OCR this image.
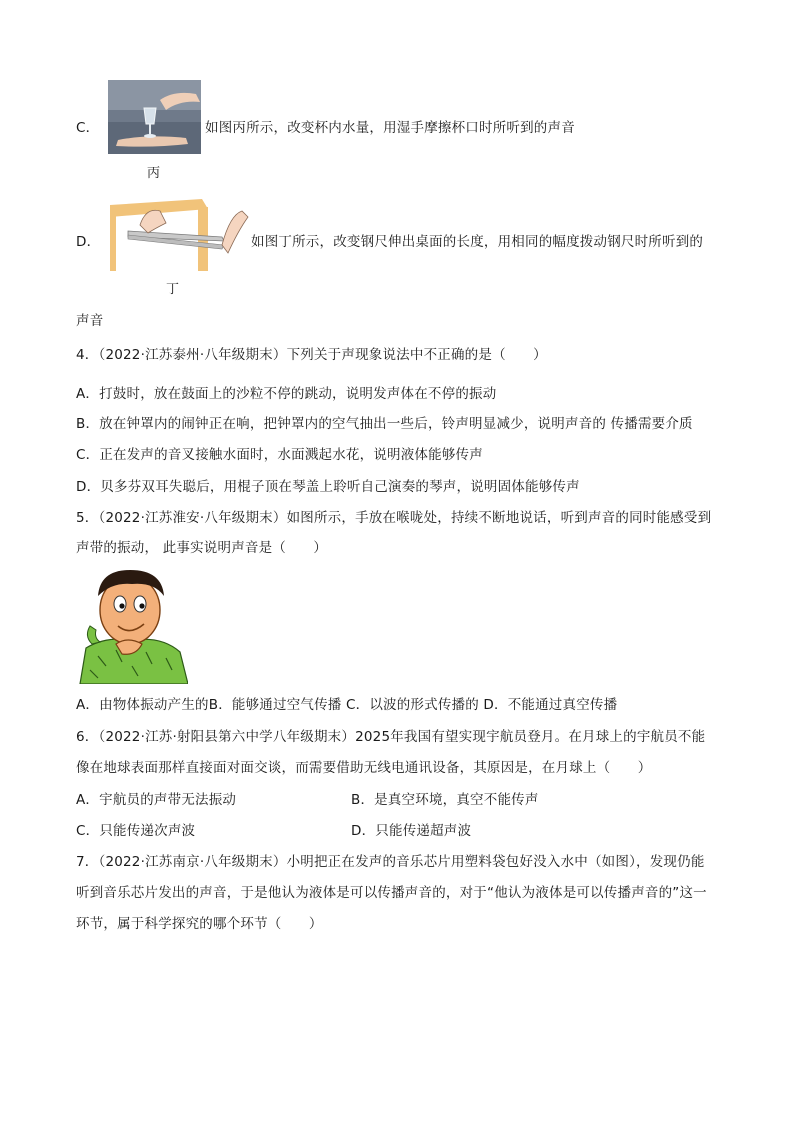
C．	如图丙所示，改变杯内水量，用湿手摩擦杯口时所听到的声音
丙
D．	如图丁所示，改变钢尺伸出桌面的长度，用相同的幅度拨动钢尺时所听到的
丁
声音
4．（2022·江苏泰州·八年级期末）下列关于声现象说法中不正确的是（　　）
A．打鼓时，放在鼓面上的沙粒不停的跳动，说明发声体在不停的振动
B．放在钟罩内的闹钟正在响，把钟罩内的空气抽出一些后，铃声明显减少，说明声音的 传播需要介质
C．正在发声的音叉接触水面时，水面溅起水花，说明液体能够传声
D．贝多芬双耳失聪后，用棍子顶在琴盖上聆听自己演奏的琴声，说明固体能够传声
5．（2022·江苏淮安·八年级期末）如图所示，手放在喉咙处，持续不断地说话，听到声音的同时能感受到
声带的振动， 此事实说明声音是（　　）
A．由物体振动产生的B．能够通过空气传播 C．以波的形式传播的 D．不能通过真空传播
6．（2022·江苏·射阳县第六中学八年级期末）2025年我国有望实现宇航员登月。在月球上的宇航员不能
像在地球表面那样直接面对面交谈，而需要借助无线电通讯设备，其原因是，在月球上（　　）
A．宇航员的声带无法振动	B．是真空环境，真空不能传声
C．只能传递次声波	D．只能传递超声波
7．（2022·江苏南京·八年级期末）小明把正在发声的音乐芯片用塑料袋包好没入水中（如图），发现仍能
听到音乐芯片发出的声音，于是他认为液体是可以传播声音的，对于“他认为液体是可以传播声音的”这一
环节，属于科学探究的哪个环节（　　）
